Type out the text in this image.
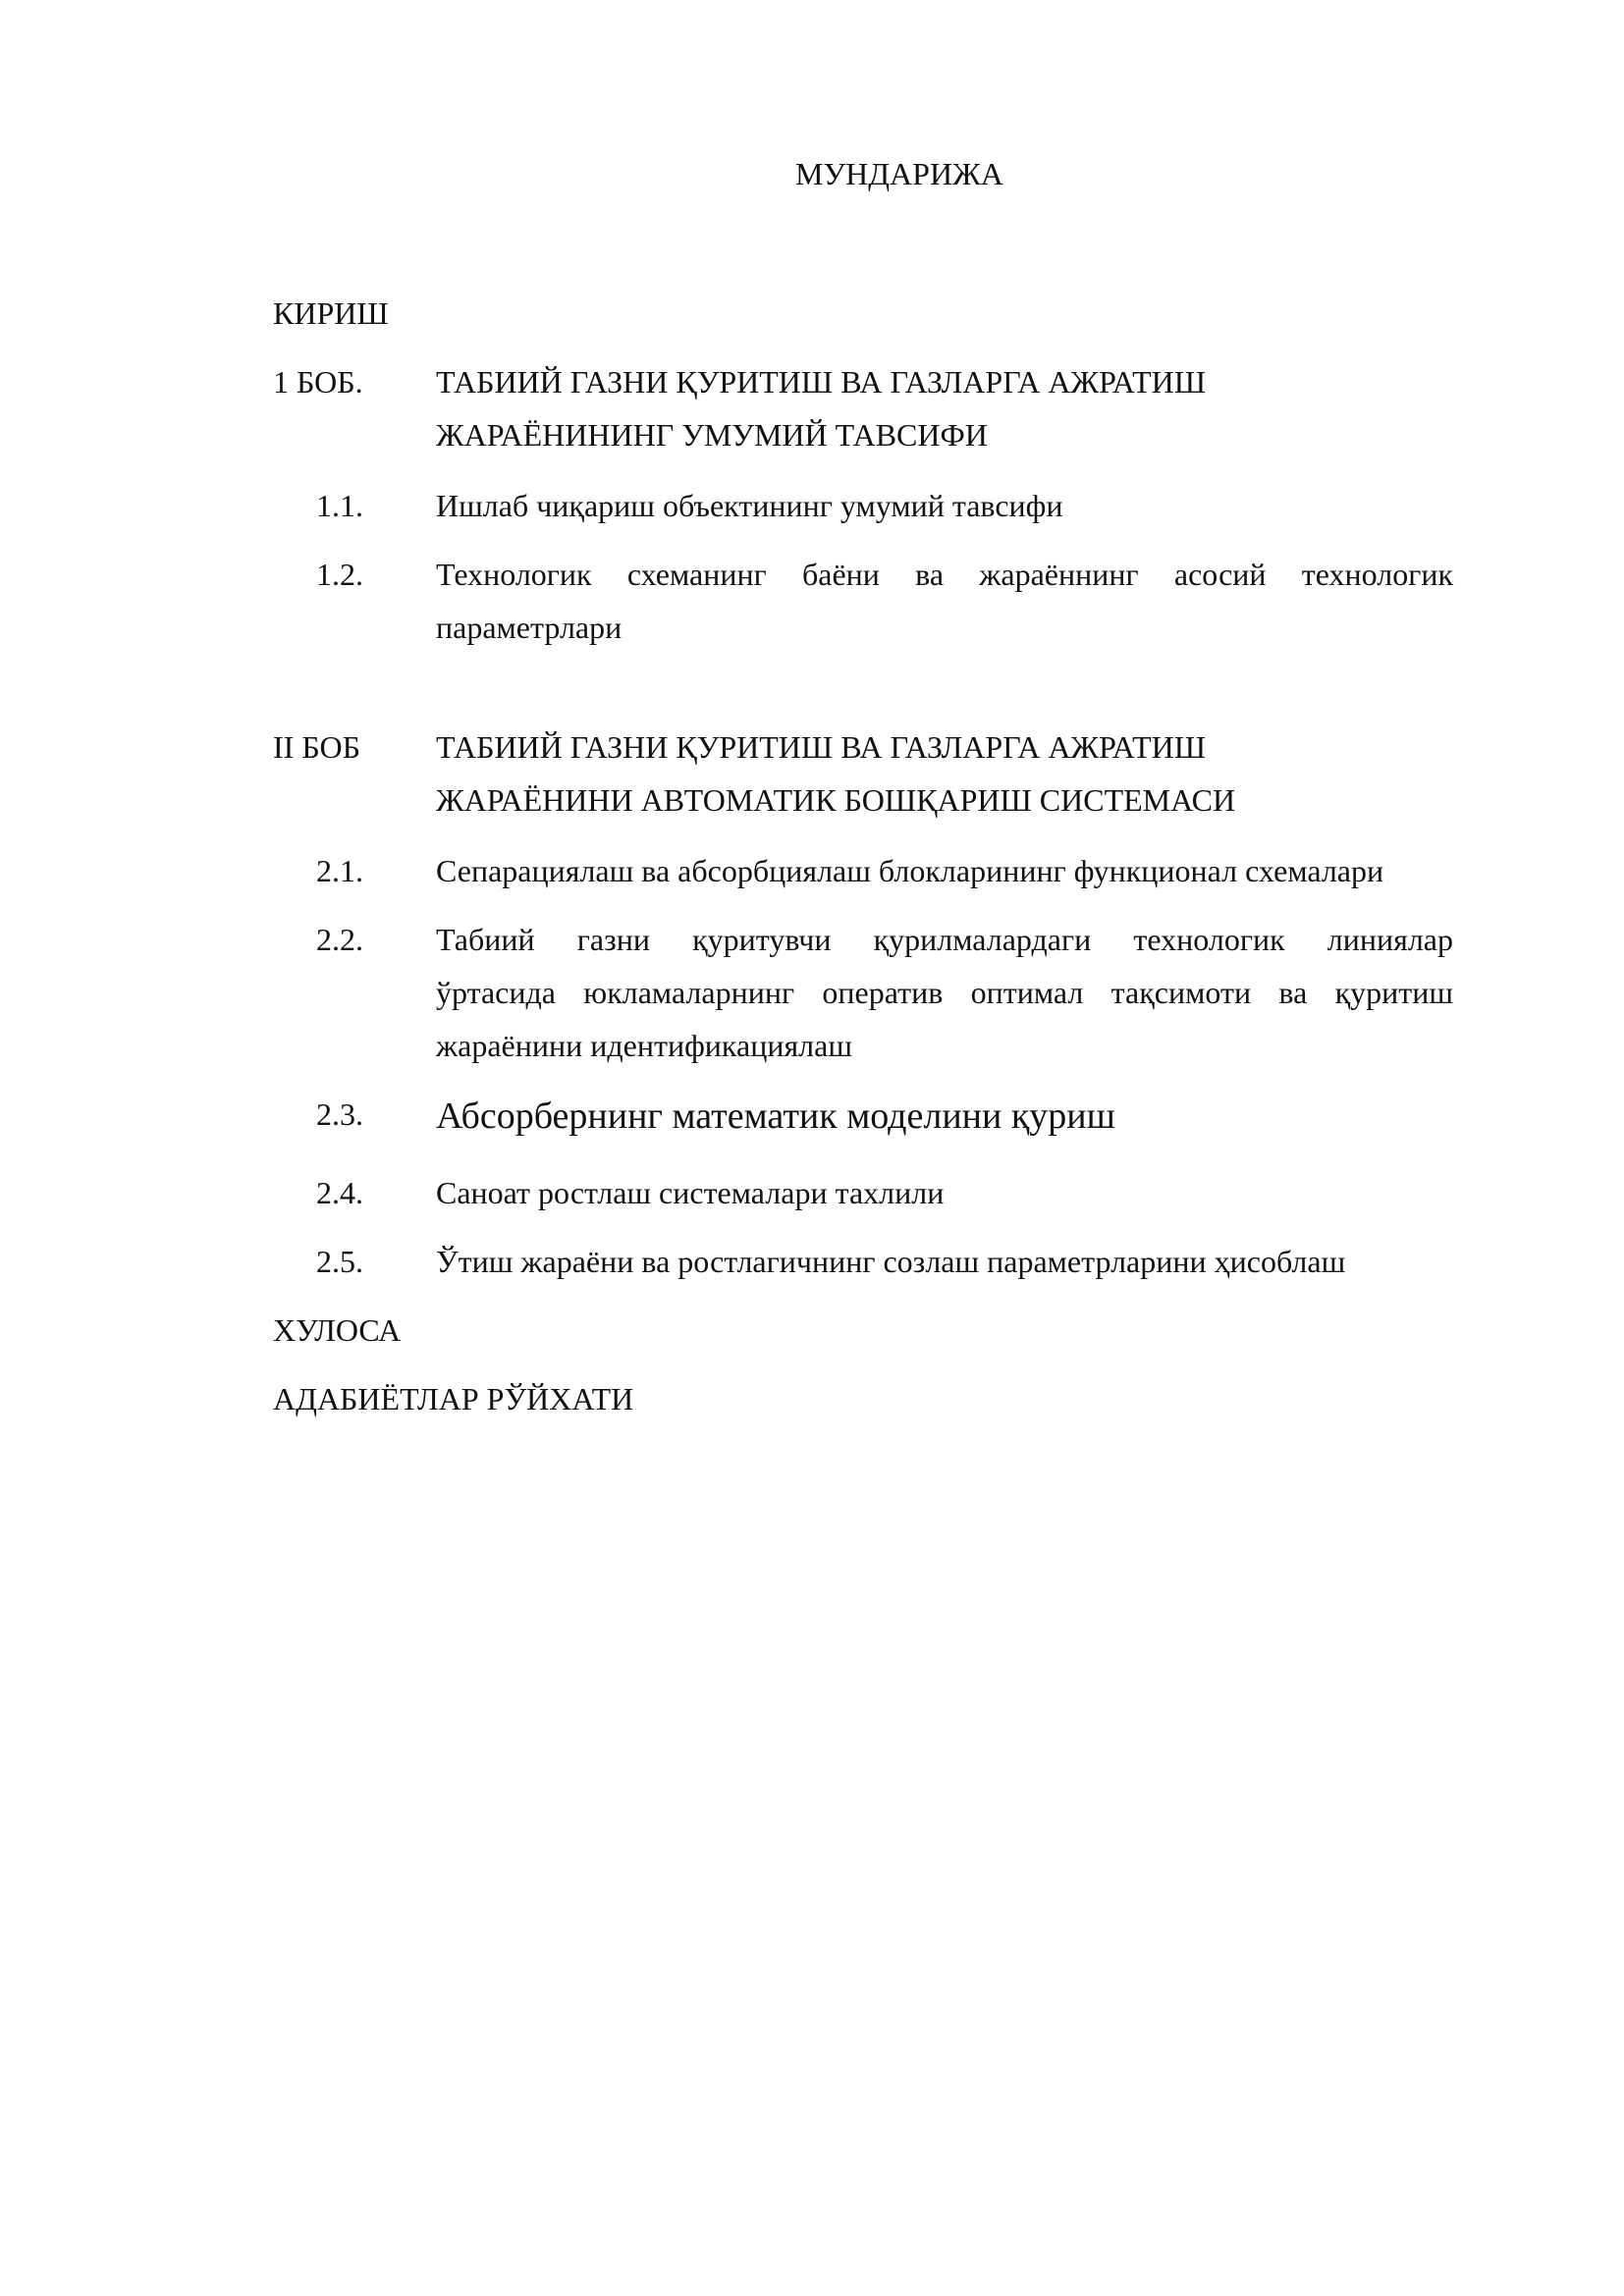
МУНДАРИЖА
КИРИШ
1 БОБ. ТАБИИЙ ГАЗНИ ҚУРИТИШ ВА ГАЗЛАРГА АЖРАТИШ
ЖАРАЁНИНИНГ УМУМИЙ ТАВСИФИ
1.1. Ишлаб чиқариш объектининг умумий тавсифи
1.2. Технологик схеманинг баёни ва жараённинг асосий технологик
параметрлари
II БОБ ТАБИИЙ ГАЗНИ ҚУРИТИШ ВА ГАЗЛАРГА АЖРАТИШ
ЖАРАЁНИНИ АВТОМАТИК БОШҚАРИШ СИСТЕМАСИ
2.1. Сепарациялаш ва абсорбциялаш блокларининг функционал схемалари
2.2. Табиий газни қуритувчи қурилмалардаги технологик линиялар
ўртасида юкламаларнинг оператив оптимал тақсимоти ва қуритиш
жараёнини идентификациялаш
2.3. Абсорбернинг математик моделини қуриш
2.4. Саноат ростлаш системалари тахлили
2.5. Ўтиш жараёни ва ростлагичнинг созлаш параметрларини ҳисоблаш
ХУЛОСА
АДАБИЁТЛАР РЎЙХАТИ
